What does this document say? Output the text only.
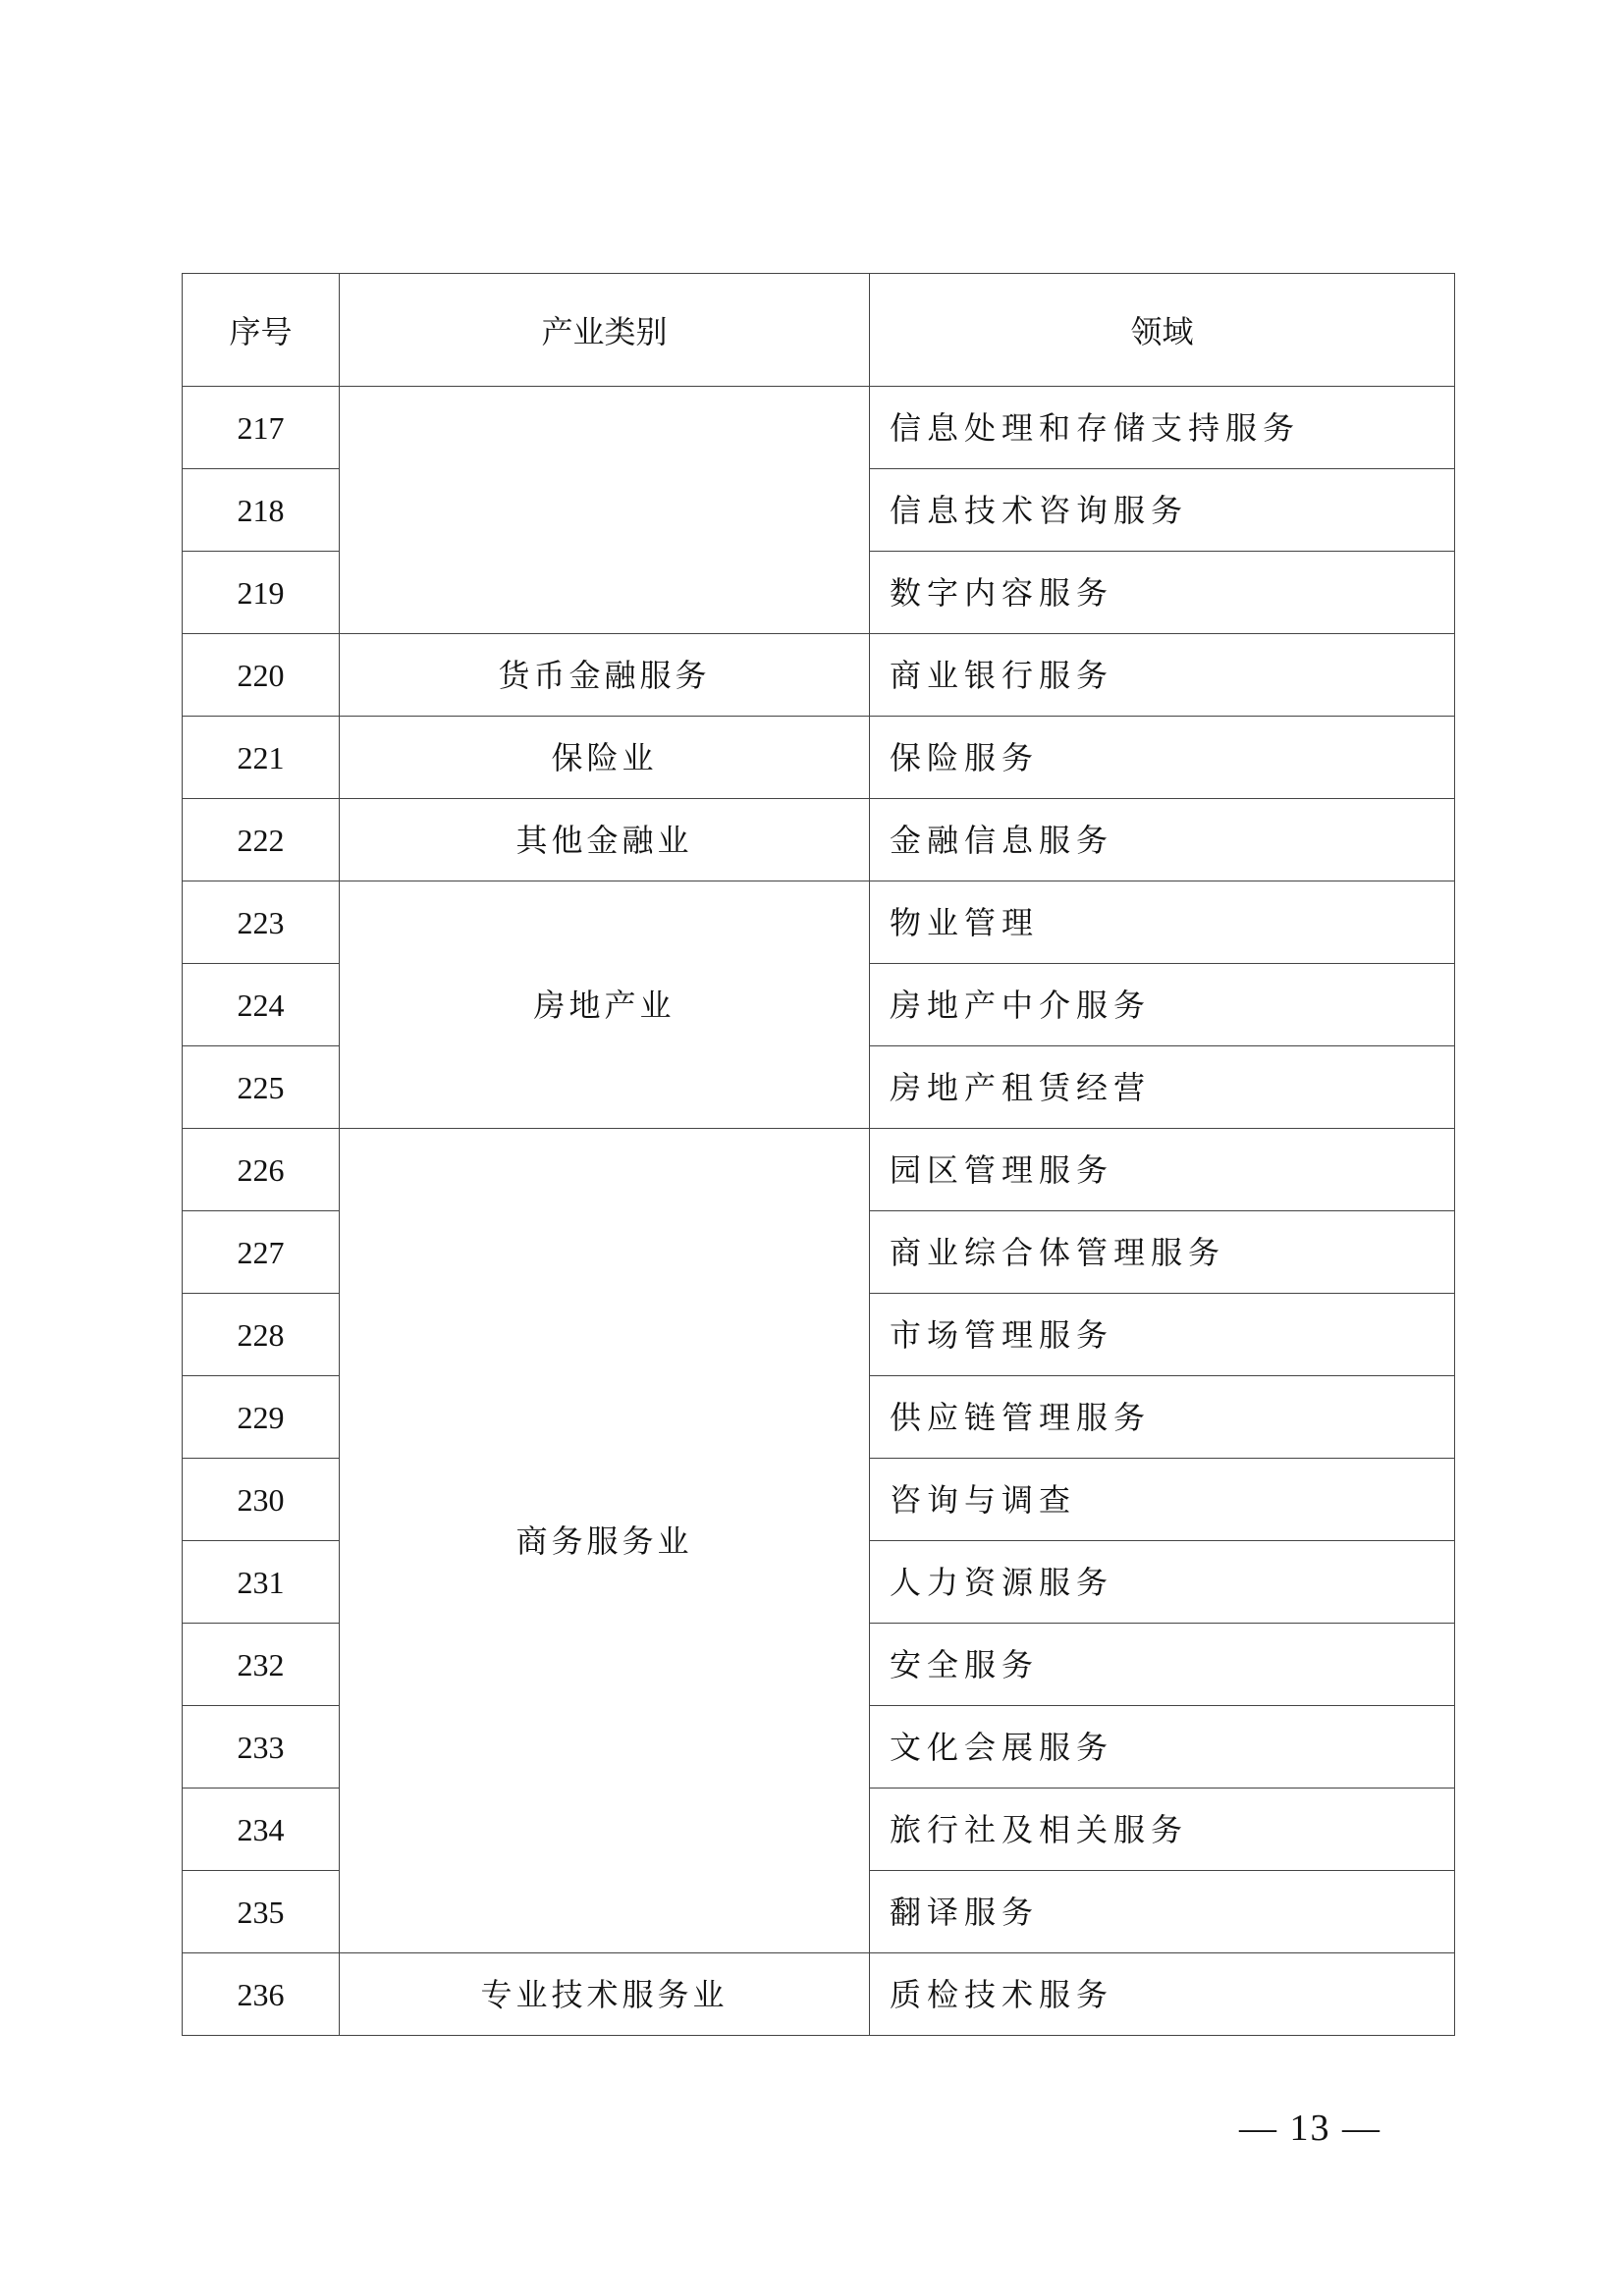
序号	产业类别	领域
217		信息处理和存储支持服务
218		信息技术咨询服务
219		数字内容服务
220	货币金融服务	商业银行服务
221	保险业	保险服务
222	其他金融业	金融信息服务
223	房地产业	物业管理
224		房地产中介服务
225		房地产租赁经营
226	商务服务业	园区管理服务
227		商业综合体管理服务
228		市场管理服务
229		供应链管理服务
230		咨询与调查
231		人力资源服务
232		安全服务
233		文化会展服务
234		旅行社及相关服务
235		翻译服务
236	专业技术服务业	质检技术服务
— 13 —
